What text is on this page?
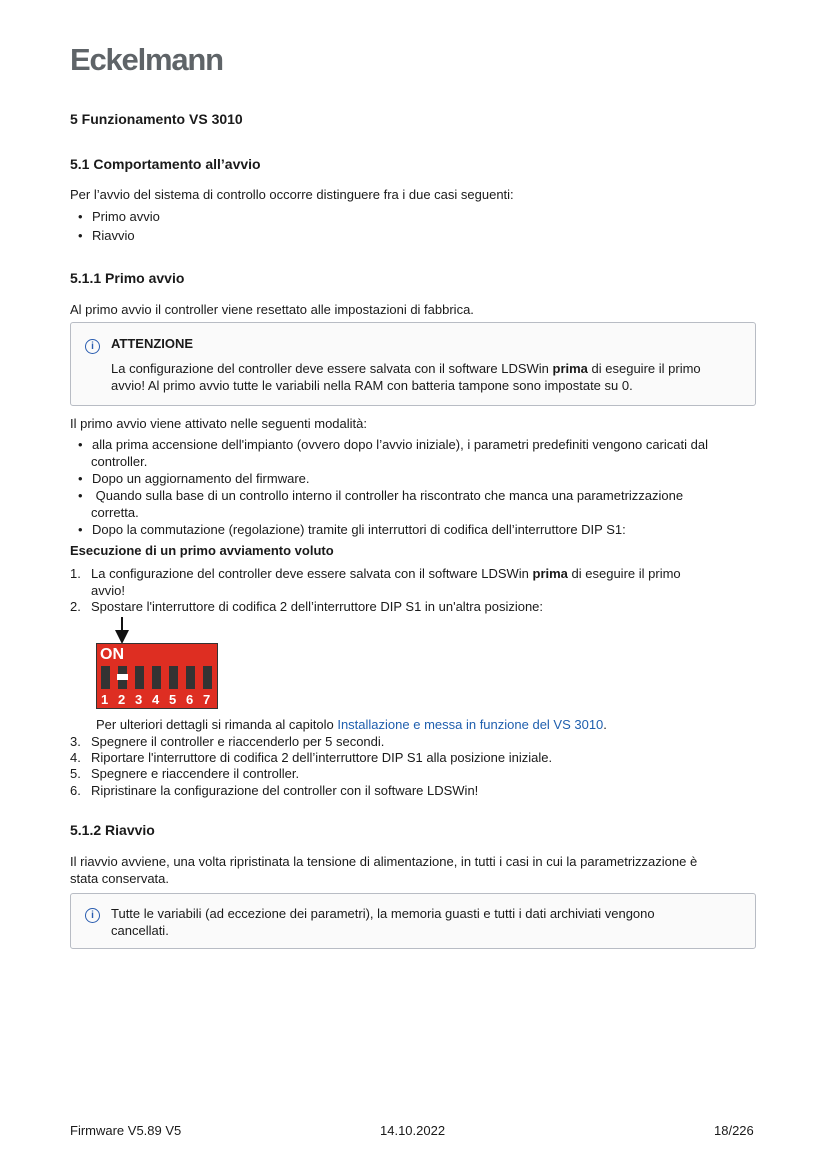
Eckelmann
5 Funzionamento VS 3010
5.1 Comportamento all’avvio
Per l’avvio del sistema di controllo occorre distinguere fra i due casi seguenti:
• Primo avvio
• Riavvio
5.1.1 Primo avvio
Al primo avvio il controller viene resettato alle impostazioni di fabbrica.
i	ATTENZIONE
La configurazione del controller deve essere salvata con il software LDSWin prima di eseguire il primo
avvio! Al primo avvio tutte le variabili nella RAM con batteria tampone sono impostate su 0.
Il primo avvio viene attivato nelle seguenti modalità:
• alla prima accensione dell'impianto (ovvero dopo l’avvio iniziale), i parametri predefiniti vengono caricati dal
controller.
• Dopo un aggiornamento del firmware.
• Quando sulla base di un controllo interno il controller ha riscontrato che manca una parametrizzazione
corretta.
• Dopo la commutazione (regolazione) tramite gli interruttori di codifica dell’interruttore DIP S1:
Esecuzione di un primo avviamento voluto
1. La configurazione del controller deve essere salvata con il software LDSWin prima di eseguire il primo
avvio!
2. Spostare l'interruttore di codifica 2 dell’interruttore DIP S1 in un'altra posizione:
ON
1 2 3 4 5 6 7
Per ulteriori dettagli si rimanda al capitolo Installazione e messa in funzione del VS 3010.
3. Spegnere il controller e riaccenderlo per 5 secondi.
4. Riportare l'interruttore di codifica 2 dell’interruttore DIP S1 alla posizione iniziale.
5. Spegnere e riaccendere il controller.
6. Ripristinare la configurazione del controller con il software LDSWin!
5.1.2 Riavvio
Il riavvio avviene, una volta ripristinata la tensione di alimentazione, in tutti i casi in cui la parametrizzazione è
stata conservata.
i	Tutte le variabili (ad eccezione dei parametri), la memoria guasti e tutti i dati archiviati vengono
cancellati.
Firmware V5.89 V5	14.10.2022	18/226
